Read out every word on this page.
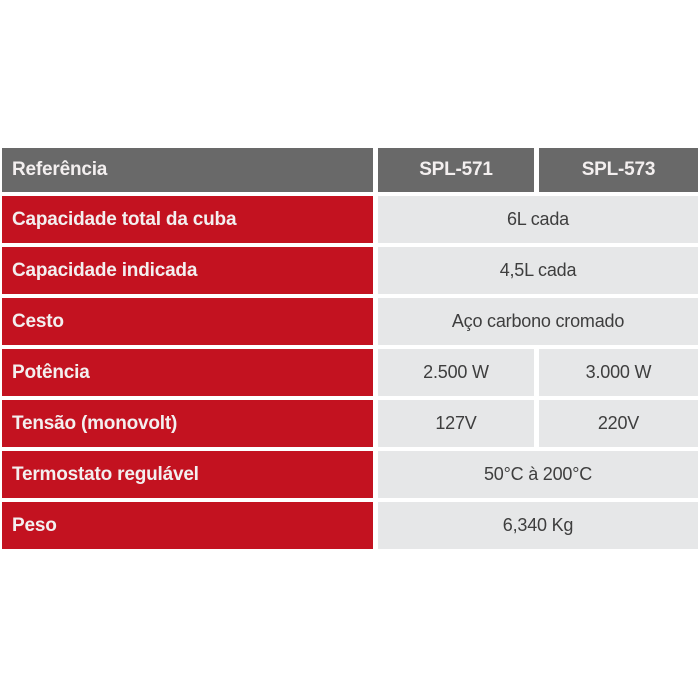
Referência	SPL-571	SPL-573
Capacidade total da cuba	6L cada
Capacidade indicada	4,5L cada
Cesto	Aço carbono cromado
Potência	2.500 W	3.000 W
Tensão (monovolt)	127V	220V
Termostato regulável	50°C à 200°C
Peso	6,340 Kg
